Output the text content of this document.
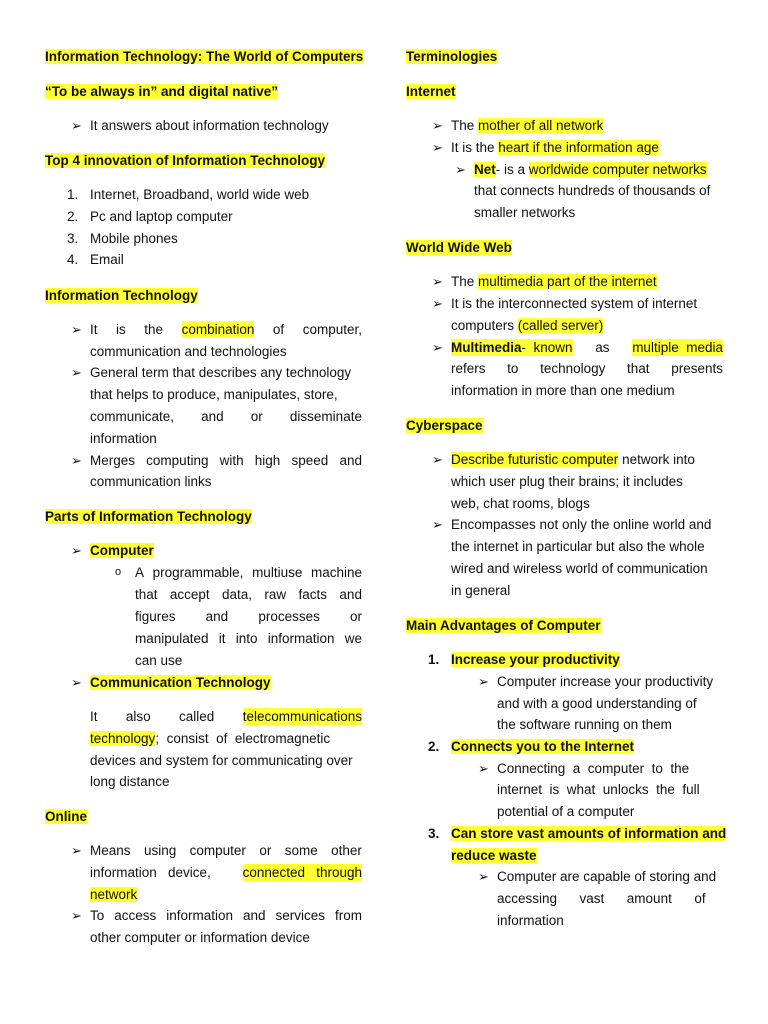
Information Technology: The World of Computers
“To be always in” and digital native”
➢ It answers about information technology
Top 4 innovation of Information Technology
1. Internet, Broadband, world wide web
2. Pc and laptop computer
3. Mobile phones
4. Email
Information Technology
➢ It is the combination of computer,
communication and technologies
➢ General term that describes any technology
that helps to produce, manipulates, store,
communicate, and or disseminate
information
➢ Merges computing with high speed and
communication links
Parts of Information Technology
➢ Computer
o A programmable, multiuse machine
that accept data, raw facts and
figures and processes or
manipulated it into information we
can use
➢ Communication Technology
It also called telecommunications
technology;  consist  of  electromagnetic
devices and system for communicating over
long distance
Online
➢ Means using computer or some other
information   device, connected   through
network
➢ To access information and services from
other computer or information device
Terminologies
Internet
➢ The mother of all network
➢ It is the heart if the information age
➢ Net- is a worldwide computer networks
that connects hundreds of thousands of
smaller networks
World Wide Web
➢ The multimedia part of the internet
➢ It is the interconnected system of internet
computers (called server)
➢ Multimedia-  known as multiple  media
refers to technology that presents
information in more than one medium
Cyberspace
➢ Describe futuristic computer network into
which user plug their brains; it includes
web, chat rooms, blogs
➢ Encompasses not only the online world and
the internet in particular but also the whole
wired and wireless world of communication
in general
Main Advantages of Computer
1. Increase your productivity
➢ Computer increase your productivity
and with a good understanding of
the software running on them
2. Connects you to the Internet
➢ Connecting  a  computer  to  the
internet  is  what  unlocks  the  full
potential of a computer
3. Can store vast amounts of information and
reduce waste
➢ Computer are capable of storing and
accessing      vast      amount      of
information
